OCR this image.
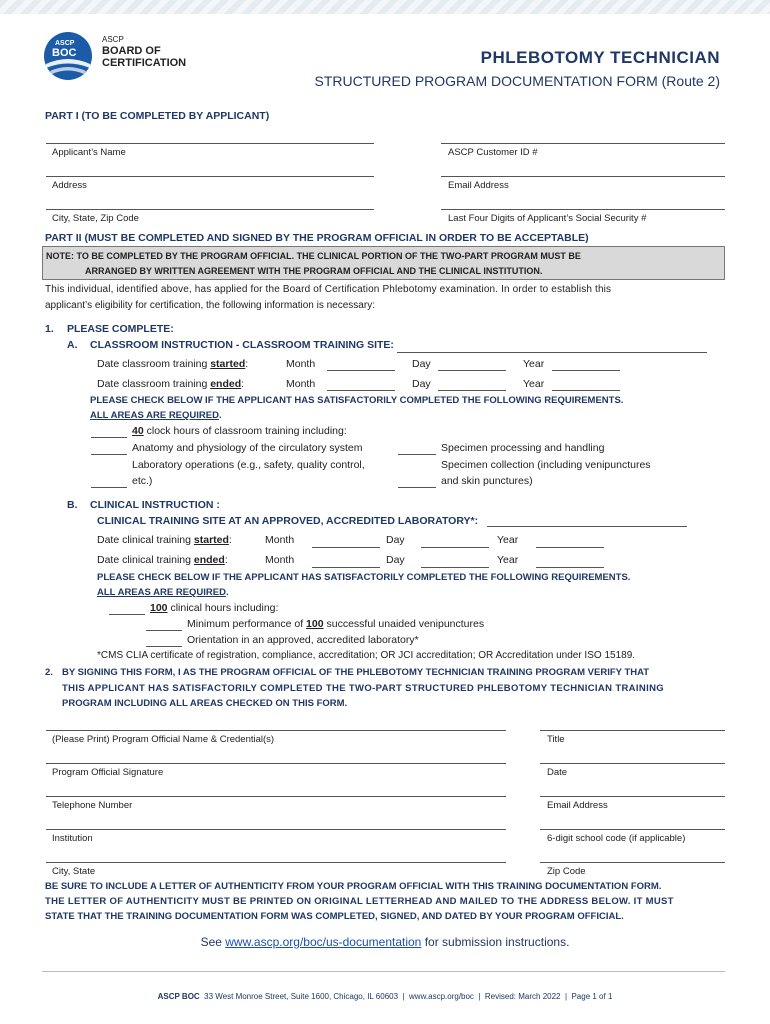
ASCP
BOC
ASCP
BOARD OF
CERTIFICATION	PHLEBOTOMY TECHNICIAN
STRUCTURED PROGRAM DOCUMENTATION FORM (Route 2)
PART I (TO BE COMPLETED BY APPLICANT)
Applicant’s Name	ASCP Customer ID #
Address	Email Address
City, State, Zip Code	Last Four Digits of Applicant’s Social Security #
PART II (MUST BE COMPLETED AND SIGNED BY THE PROGRAM OFFICIAL IN ORDER TO BE ACCEPTABLE)
NOTE: TO BE COMPLETED BY THE PROGRAM OFFICIAL. THE CLINICAL PORTION OF THE TWO-PART PROGRAM MUST BE
ARRANGED BY WRITTEN AGREEMENT WITH THE PROGRAM OFFICIAL AND THE CLINICAL INSTITUTION.
This individual, identified above, has applied for the Board of Certification Phlebotomy examination. In order to establish this
applicant’s eligibility for certification, the following information is necessary:
1. PLEASE COMPLETE:
A. CLASSROOM INSTRUCTION - CLASSROOM TRAINING SITE:
Date classroom training started:	Month	Day	Year
Date classroom training ended:	Month	Day	Year
PLEASE CHECK BELOW IF THE APPLICANT HAS SATISFACTORILY COMPLETED THE FOLLOWING REQUIREMENTS.
ALL AREAS ARE REQUIRED.
40 clock hours of classroom training including:
Anatomy and physiology of the circulatory system
Laboratory operations (e.g., safety, quality control,
etc.)
Specimen processing and handling
Specimen collection (including venipunctures
and skin punctures)
B. CLINICAL INSTRUCTION :
CLINICAL TRAINING SITE AT AN APPROVED, ACCREDITED LABORATORY*:
Date clinical training started:	Month	Day	Year
Date clinical training ended:	Month	Day	Year
PLEASE CHECK BELOW IF THE APPLICANT HAS SATISFACTORILY COMPLETED THE FOLLOWING REQUIREMENTS.
ALL AREAS ARE REQUIRED.
100 clinical hours including:
Minimum performance of 100 successful unaided venipunctures
Orientation in an approved, accredited laboratory*
*CMS CLIA certificate of registration, compliance, accreditation; OR JCI accreditation; OR Accreditation under ISO 15189.
2. BY SIGNING THIS FORM, I AS THE PROGRAM OFFICIAL OF THE PHLEBOTOMY TECHNICIAN TRAINING PROGRAM VERIFY THAT
THIS APPLICANT HAS SATISFACTORILY COMPLETED THE TWO-PART STRUCTURED PHLEBOTOMY TECHNICIAN TRAINING
PROGRAM INCLUDING ALL AREAS CHECKED ON THIS FORM.
(Please Print) Program Official Name & Credential(s)	Title
Program Official Signature	Date
Telephone Number	Email Address
Institution	6-digit school code (if applicable)
City, State	Zip Code
BE SURE TO INCLUDE A LETTER OF AUTHENTICITY FROM YOUR PROGRAM OFFICIAL WITH THIS TRAINING DOCUMENTATION FORM.
THE LETTER OF AUTHENTICITY MUST BE PRINTED ON ORIGINAL LETTERHEAD AND MAILED TO THE ADDRESS BELOW. IT MUST
STATE THAT THE TRAINING DOCUMENTATION FORM WAS COMPLETED, SIGNED, AND DATED BY YOUR PROGRAM OFFICIAL.
See www.ascp.org/boc/us-documentation for submission instructions.
ASCP BOC  33 West Monroe Street, Suite 1600, Chicago, IL 60603  |  www.ascp.org/boc  |  Revised: March 2022  |  Page 1 of 1
